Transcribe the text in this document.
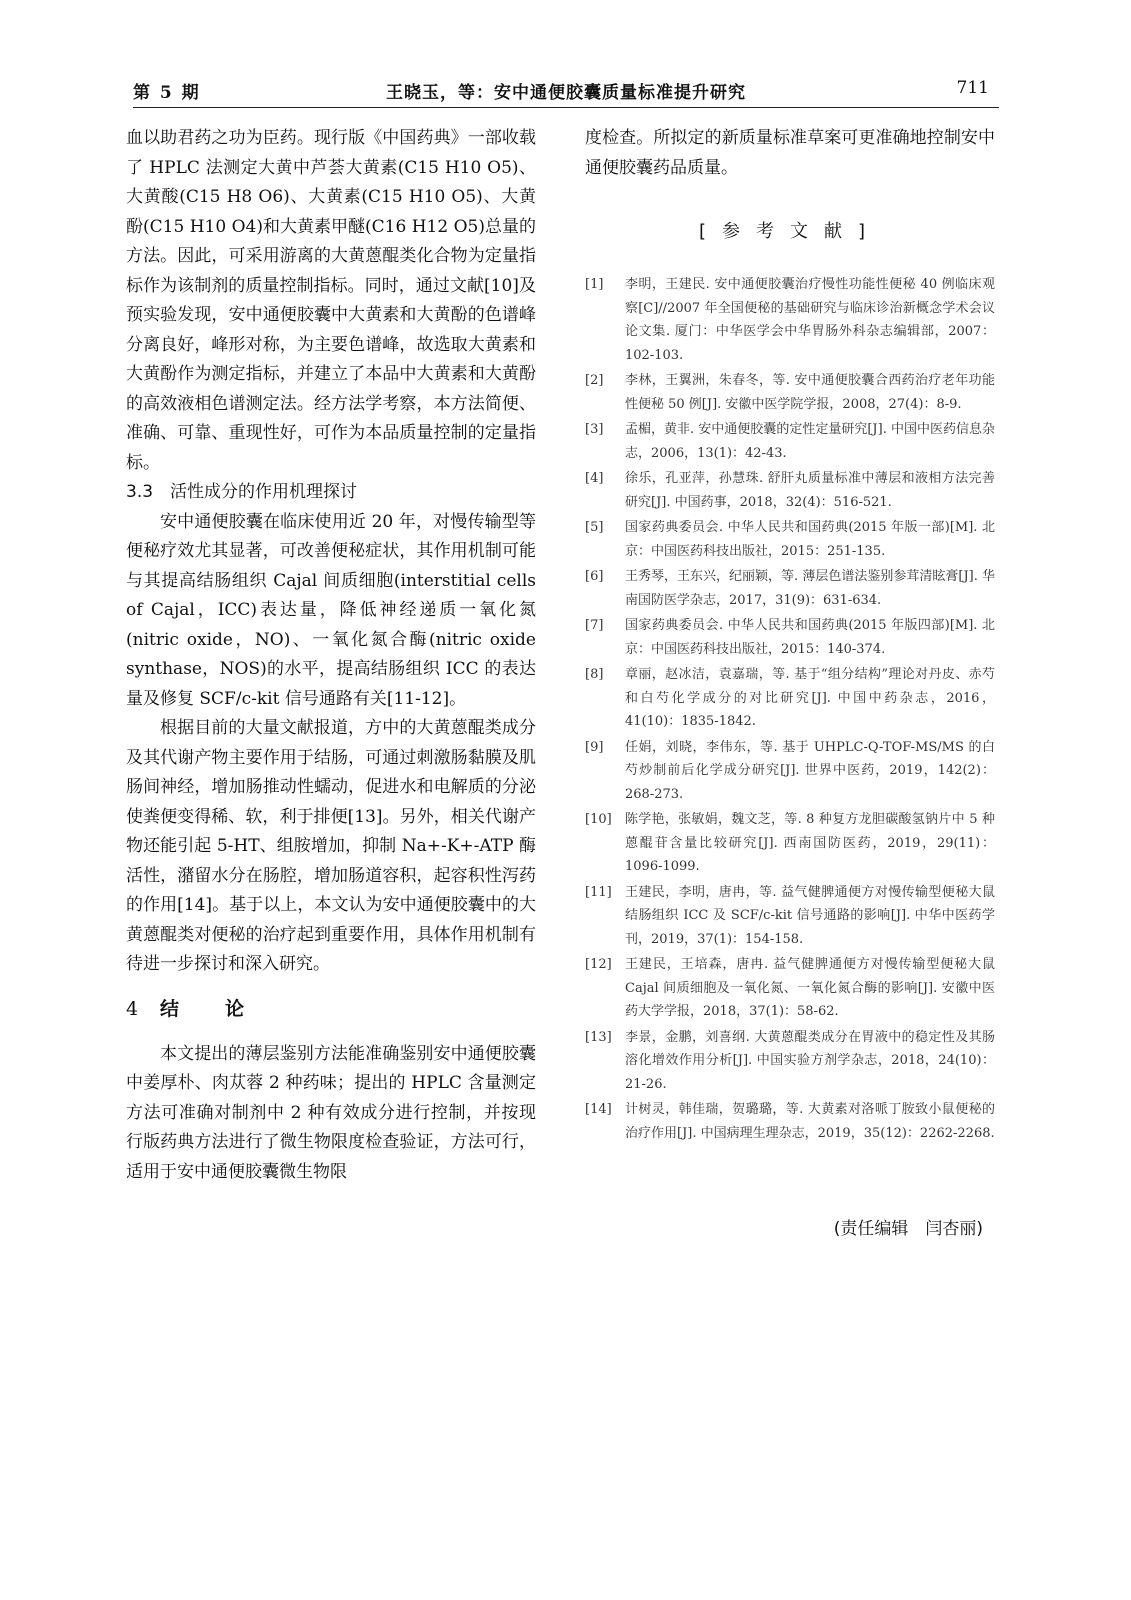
第 5 期	王晓玉，等：安中通便胶囊质量标准提升研究	711

血以助君药之功为臣药。现行版《中国药典》一部收载了 HPLC 法测定大黄中芦荟大黄素(C15 H10 O5)、大黄酸(C15 H8 O6)、大黄素(C15 H10 O5)、大黄酚(C15 H10 O4)和大黄素甲醚(C16 H12 O5)总量的方法。因此，可采用游离的大黄蒽醌类化合物为定量指标作为该制剂的质量控制指标。同时，通过文献[10]及预实验发现，安中通便胶囊中大黄素和大黄酚的色谱峰分离良好，峰形对称，为主要色谱峰，故选取大黄素和大黄酚作为测定指标，并建立了本品中大黄素和大黄酚的高效液相色谱测定法。经方法学考察，本方法简便、准确、可靠、重现性好，可作为本品质量控制的定量指标。

3.3　活性成分的作用机理探讨

安中通便胶囊在临床使用近 20 年，对慢传输型等便秘疗效尤其显著，可改善便秘症状，其作用机制可能与其提高结肠组织 Cajal 间质细胞(interstitial cells of Cajal，ICC)表达量，降低神经递质一氧化氮(nitric oxide，NO)、一氧化氮合酶(nitric oxide synthase，NOS)的水平，提高结肠组织 ICC 的表达量及修复 SCF/c-kit 信号通路有关[11-12]。

根据目前的大量文献报道，方中的大黄蒽醌类成分及其代谢产物主要作用于结肠，可通过刺激肠黏膜及肌肠间神经，增加肠推动性蠕动，促进水和电解质的分泌使粪便变得稀、软，利于排便[13]。另外，相关代谢产物还能引起 5-HT、组胺增加，抑制 Na+-K+-ATP 酶活性，潴留水分在肠腔，增加肠道容积，起容积性泻药的作用[14]。基于以上，本文认为安中通便胶囊中的大黄蒽醌类对便秘的治疗起到重要作用，具体作用机制有待进一步探讨和深入研究。

4 结论

本文提出的薄层鉴别方法能准确鉴别安中通便胶囊中姜厚朴、肉苁蓉 2 种药味；提出的 HPLC 含量测定方法可准确对制剂中 2 种有效成分进行控制，并按现行版药典方法进行了微生物限度检查验证，方法可行，适用于安中通便胶囊微生物限

度检查。所拟定的新质量标准草案可更准确地控制安中通便胶囊药品质量。

[参考文献]
[1]	李明，王建民. 安中通便胶囊治疗慢性功能性便秘 40 例临床观察[C]//2007 年全国便秘的基础研究与临床诊治新概念学术会议论文集. 厦门：中华医学会中华胃肠外科杂志编辑部，2007：102-103.
[2]	李林，王翼洲，朱春冬，等. 安中通便胶囊合西药治疗老年功能性便秘 50 例[J]. 安徽中医学院学报，2008，27(4)：8-9.
[3]	孟楣，黄非. 安中通便胶囊的定性定量研究[J]. 中国中医药信息杂志，2006，13(1)：42-43.
[4]	徐乐，孔亚萍，孙慧珠. 舒肝丸质量标准中薄层和液相方法完善研究[J]. 中国药事，2018，32(4)：516-521.
[5]	国家药典委员会. 中华人民共和国药典(2015 年版一部)[M]. 北京：中国医药科技出版社，2015：251-135.
[6]	王秀琴，王东兴，纪丽颖，等. 薄层色谱法鉴别参茸清眩膏[J]. 华南国防医学杂志，2017，31(9)：631-634.
[7]	国家药典委员会. 中华人民共和国药典(2015 年版四部)[M]. 北京：中国医药科技出版社，2015：140-374.
[8]	章丽，赵冰洁，袁嘉瑞，等. 基于“组分结构”理论对丹皮、赤芍和白芍化学成分的对比研究[J]. 中国中药杂志，2016，41(10)：1835-1842.
[9]	任娟，刘晓，李伟东，等. 基于 UHPLC-Q-TOF-MS/MS 的白芍炒制前后化学成分研究[J]. 世界中医药，2019，142(2)：268-273.
[10]	陈学艳，张敏娟，魏文芝，等. 8 种复方龙胆碳酸氢钠片中 5 种蒽醌苷含量比较研究[J]. 西南国防医药，2019，29(11)：1096-1099.
[11]	王建民，李明，唐冉，等. 益气健脾通便方对慢传输型便秘大鼠结肠组织 ICC 及 SCF/c-kit 信号通路的影响[J]. 中华中医药学刊，2019，37(1)：154-158.
[12]	王建民，王培森，唐冉. 益气健脾通便方对慢传输型便秘大鼠 Cajal 间质细胞及一氧化氮、一氧化氮合酶的影响[J]. 安徽中医药大学学报，2018，37(1)：58-62.
[13]	李景，金鹏，刘喜纲. 大黄蒽醌类成分在胃液中的稳定性及其肠溶化增效作用分析[J]. 中国实验方剂学杂志，2018，24(10)：21-26.
[14]	计树灵，韩佳瑞，贺璐璐，等. 大黄素对洛哌丁胺致小鼠便秘的治疗作用[J]. 中国病理生理杂志，2019，35(12)：2262-2268.
(责任编辑　闫杏丽)
